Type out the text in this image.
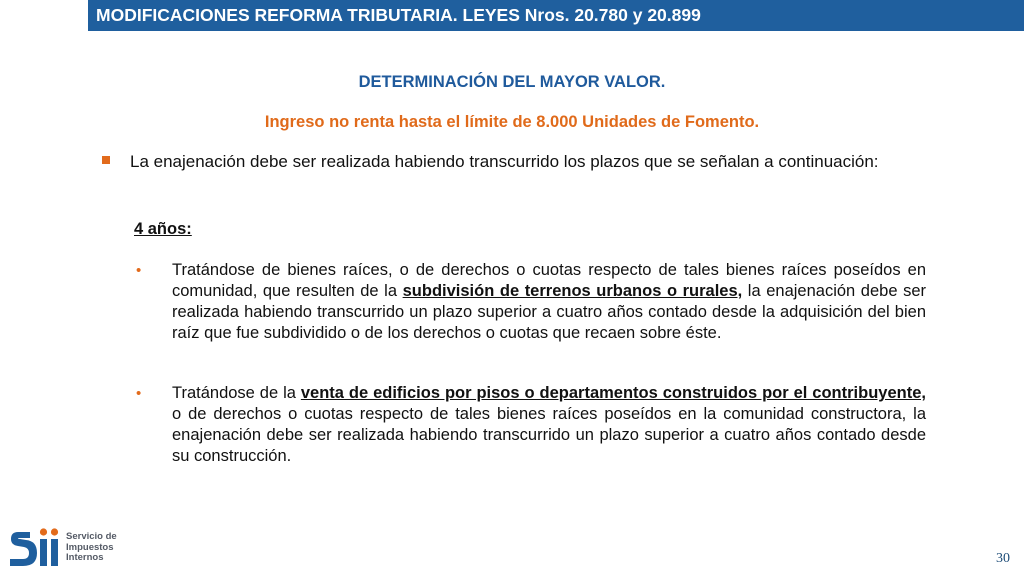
MODIFICACIONES REFORMA TRIBUTARIA. LEYES Nros. 20.780 y 20.899
DETERMINACIÓN DEL MAYOR VALOR.
Ingreso no renta hasta el límite de 8.000 Unidades de Fomento.
La enajenación debe ser realizada habiendo transcurrido los plazos que se señalan a continuación:
4 años:
• Tratándose de bienes raíces, o de derechos o cuotas respecto de tales bienes raíces poseídos en comunidad, que resulten de la subdivisión de terrenos urbanos o rurales, la enajenación debe ser realizada habiendo transcurrido un plazo superior a cuatro años contado desde la adquisición del bien raíz que fue subdividido o de los derechos o cuotas que recaen sobre éste.
• Tratándose de la venta de edificios por pisos o departamentos construidos por el contribuyente, o de derechos o cuotas respecto de tales bienes raíces poseídos en la comunidad constructora, la enajenación debe ser realizada habiendo transcurrido un plazo superior a cuatro años contado desde su construcción.
Servicio de
Impuestos
Internos	30
